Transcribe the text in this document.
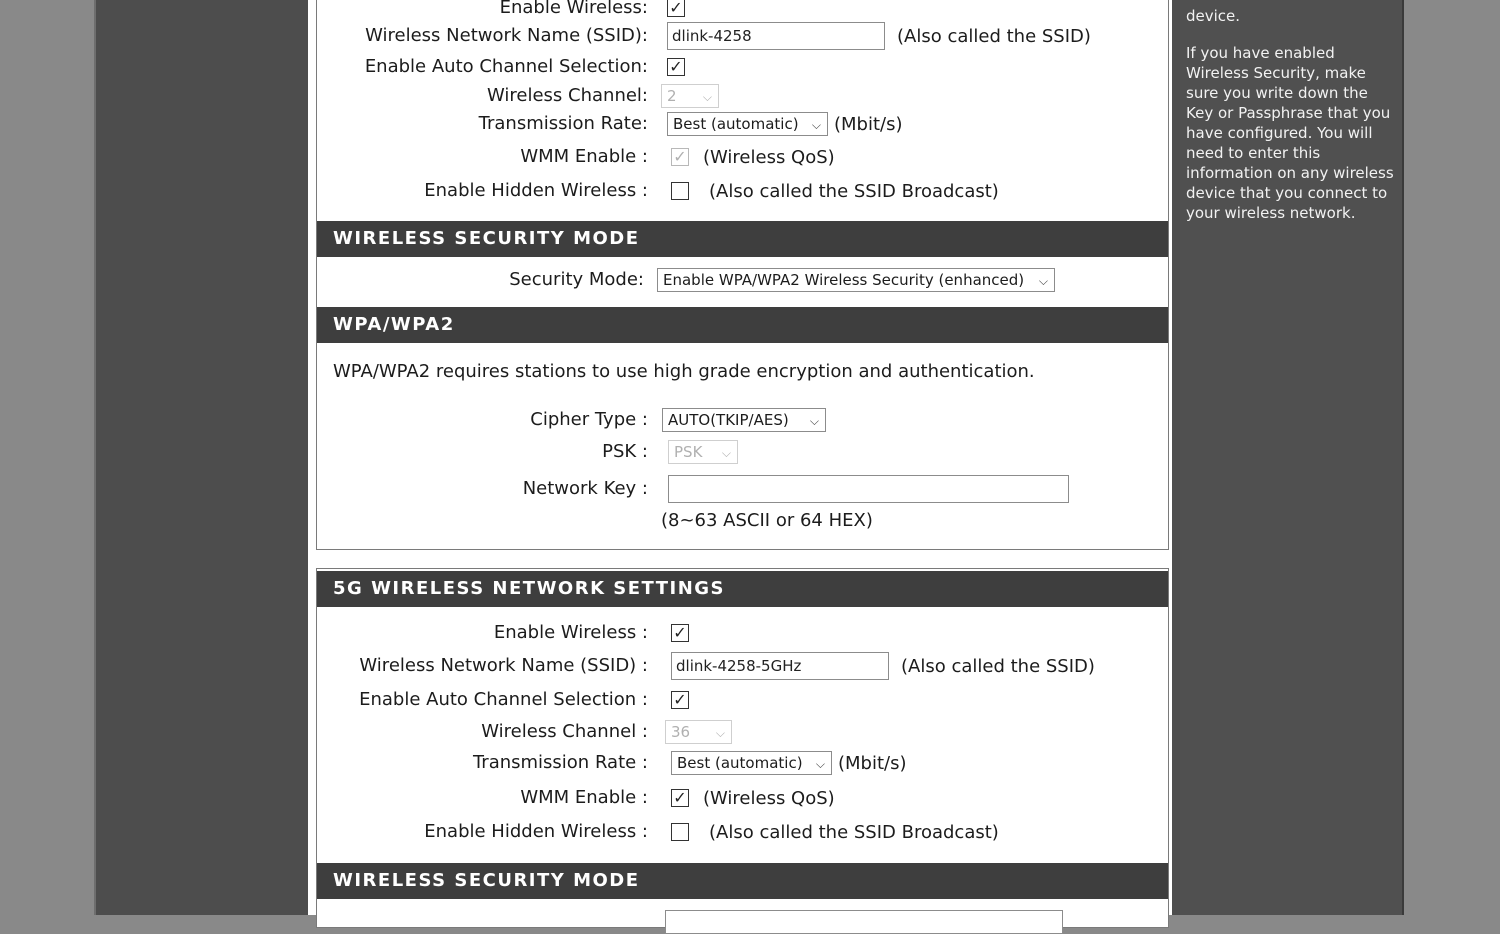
Enable Wireless: ✓
Wireless Network Name (SSID):	dlink-4258	(Also called the SSID)
Enable Auto Channel Selection: ✓
Wireless Channel:	2 ⌵
Transmission Rate:	Best (automatic) ⌵ (Mbit/s)
WMM Enable : ✓ (Wireless QoS)
Enable Hidden Wireless :	(Also called the SSID Broadcast)
WIRELESS SECURITY MODE
Security Mode:	Enable WPA/WPA2 Wireless Security (enhanced) ⌵
WPA/WPA2
WPA/WPA2 requires stations to use high grade encryption and authentication.
Cipher Type :	AUTO(TKIP/AES) ⌵
PSK :	PSK ⌵
Network Key :
(8~63 ASCII or 64 HEX)
5G WIRELESS NETWORK SETTINGS
Enable Wireless : ✓
Wireless Network Name (SSID) :	dlink-4258-5GHz	(Also called the SSID)
Enable Auto Channel Selection : ✓
Wireless Channel :	36 ⌵
Transmission Rate :	Best (automatic) ⌵ (Mbit/s)
WMM Enable : ✓ (Wireless QoS)
Enable Hidden Wireless :	(Also called the SSID Broadcast)
WIRELESS SECURITY MODE

device.

If you have enabled Wireless Security, make sure you write down the Key or Passphrase that you have configured. You will need to enter this information on any wireless device that you connect to your wireless network.
